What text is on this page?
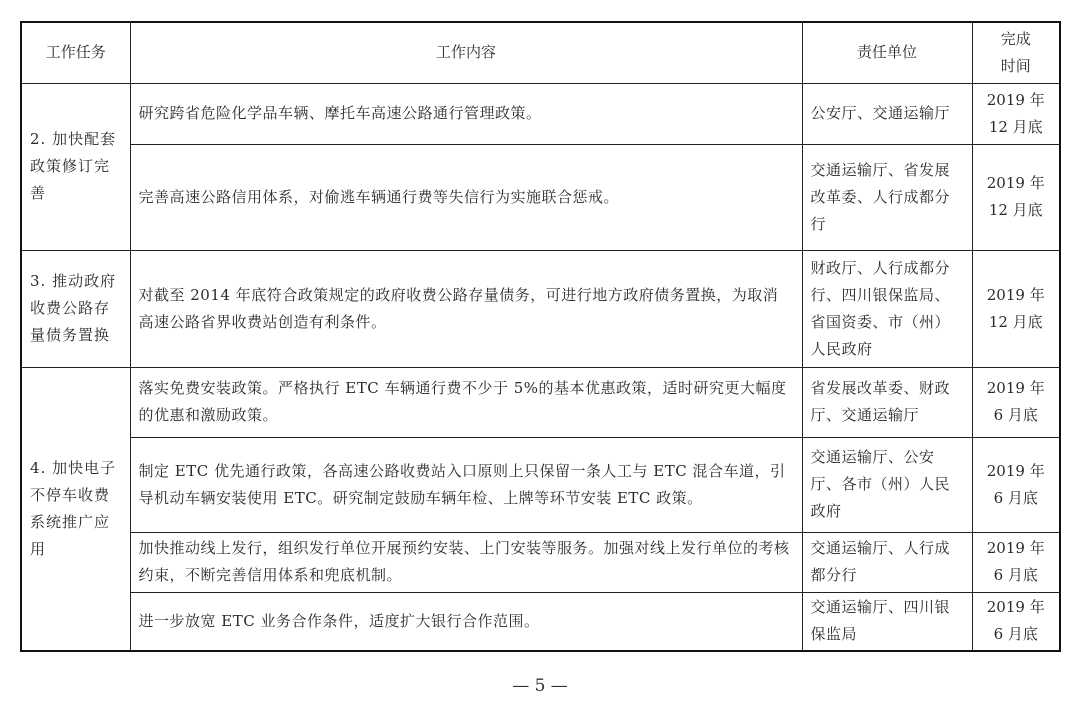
工作任务	工作内容	责任单位	完成
时间
2. 加快配套政策修订完善	研究跨省危险化学品车辆、摩托车高速公路通行管理政策。	公安厅、交通运输厅	2019 年 12 月底
	完善高速公路信用体系，对偷逃车辆通行费等失信行为实施联合惩戒。	交通运输厅、省发展改革委、人行成都分行	2019 年 12 月底
3. 推动政府收费公路存量债务置换	对截至 2014 年底符合政策规定的政府收费公路存量债务，可进行地方政府债务置换，为取消高速公路省界收费站创造有利条件。	财政厅、人行成都分行、四川银保监局、省国资委、市（州）人民政府	2019 年 12 月底
4. 加快电子不停车收费系统推广应用	落实免费安装政策。严格执行 ETC 车辆通行费不少于 5%的基本优惠政策，适时研究更大幅度的优惠和激励政策。	省发展改革委、财政厅、交通运输厅	2019 年 6 月底
	制定 ETC 优先通行政策，各高速公路收费站入口原则上只保留一条人工与 ETC 混合车道，引导机动车辆安装使用 ETC。研究制定鼓励车辆年检、上牌等环节安装 ETC 政策。	交通运输厅、公安厅、各市（州）人民政府	2019 年 6 月底
	加快推动线上发行，组织发行单位开展预约安装、上门安装等服务。加强对线上发行单位的考核约束，不断完善信用体系和兜底机制。	交通运输厅、人行成都分行	2019 年 6 月底
	进一步放宽 ETC 业务合作条件，适度扩大银行合作范围。	交通运输厅、四川银保监局	2019 年 6 月底
— 5 —
